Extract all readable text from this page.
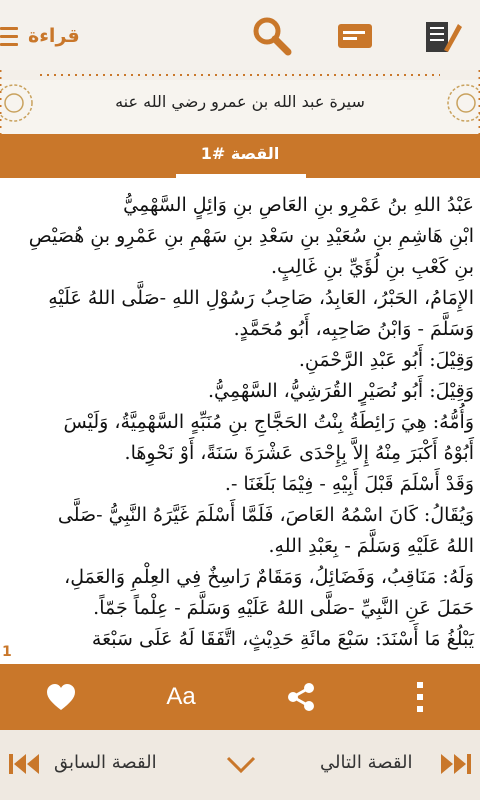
قراءة
سيرة عبد الله بن عمرو رضي الله عنه
القصة #1

عَبْدُ اللهِ بنُ عَمْرِو بنِ العَاصِ بنِ وَائِلٍ السَّهْمِيُّ

ابْنِ هَاشِمِ بنِ سُعَيْدِ بنِ سَعْدِ بنِ سَهْمِ بنِ عَمْرِو بنِ هُصَيْصِ

بنِ كَعْبِ بنِ لُؤَيِّ بنِ غَالِبٍ.

الإِمَامُ، الحَبْرُ، العَابِدُ، صَاحِبُ رَسُوْلِ اللهِ -صَلَّى اللهُ عَلَيْهِ

وَسَلَّمَ - وَابْنُ صَاحِبِه، أَبُو مُحَمَّدٍ.

وَقِيْلَ: أَبُو عَبْدِ الرَّحْمَنِ.

وَقِيْلَ: أَبُو نُصَيْرٍ القُرَشِيُّ، السَّهْمِيُّ.

وَأُمُّهُ: هِيَ رَائِطَةُ بِنْتُ الحَجَّاجِ بنِ مُنَبِّهٍ السَّهْمِيَّةُ، وَلَيْسَ

أَبُوْهُ أَكْبَرَ مِنْهُ إِلاَّ بِإِحْدَى عَشْرَةَ سَنَةً، أَوْ نَحْوِهَا.

وَقَدْ أَسْلَمَ قَبْلَ أَبِيْهِ - فِيْمَا بَلَغَنَا -.

وَيُقَالُ: كَانَ اسْمُهُ العَاصَ، فَلَمَّا أَسْلَمَ غَيَّرَهُ النَّبِيُّ -صَلَّى

اللهُ عَلَيْهِ وَسَلَّمَ - بِعَبْدِ اللهِ.

وَلَهُ: مَنَاقِبُ، وَفَضَائِلُ، وَمَقَامٌ رَاسِخٌ فِي العِلْمِ وَالعَمَلِ،

حَمَلَ عَنِ النَّبِيِّ -صَلَّى اللهُ عَلَيْهِ وَسَلَّمَ - عِلْماً جَمّاً.

يَبْلُغُ مَا أَسْنَدَ: سَبْعَ مائَةِ حَدِيْثٍ، اتَّفَقَا لَهُ عَلَى سَبْعَة

1
Aa
القصة السابق	القصة التالي
